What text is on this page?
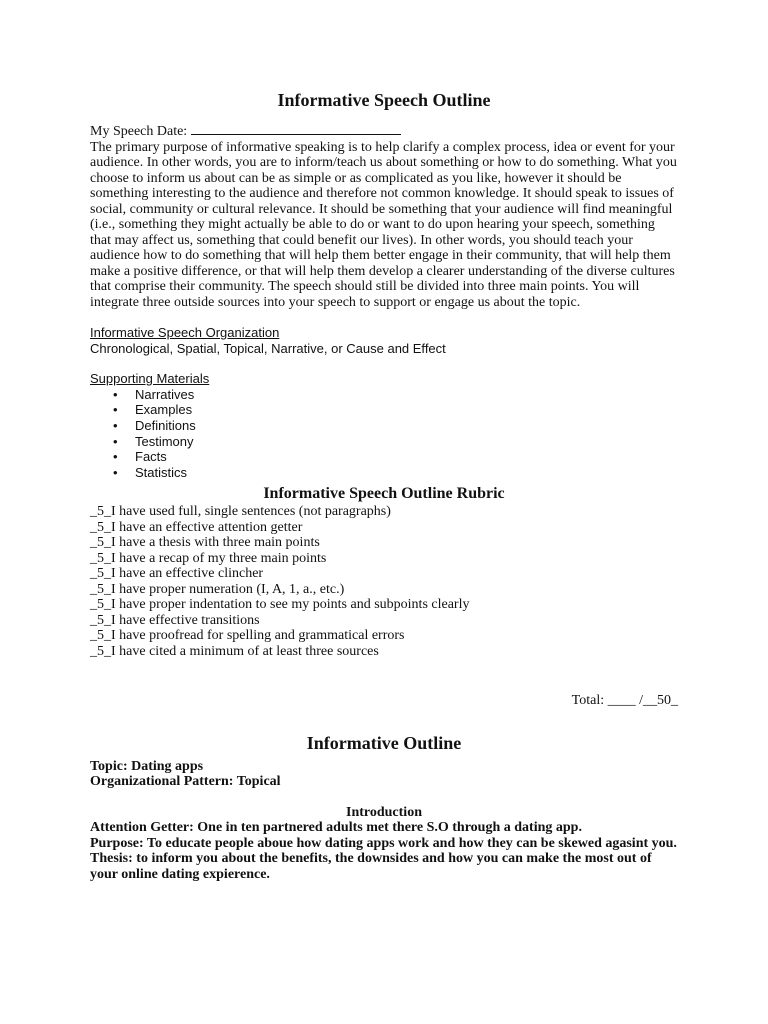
Informative Speech Outline

My Speech Date:

The primary purpose of informative speaking is to help clarify a complex process, idea or event for your audience. In other words, you are to inform/teach us about something or how to do something. What you choose to inform us about can be as simple or as complicated as you like, however it should be something interesting to the audience and therefore not common knowledge. It should speak to issues of social, community or cultural relevance. It should be something that your audience will find meaningful (i.e., something they might actually be able to do or want to do upon hearing your speech, something that may affect us, something that could benefit our lives). In other words, you should teach your audience how to do something that will help them better engage in their community, that will help them make a positive difference, or that will help them develop a clearer understanding of the diverse cultures that comprise their community. The speech should still be divided into three main points. You will integrate three outside sources into your speech to support or engage us about the topic.

Informative Speech Organization
Chronological, Spatial, Topical, Narrative, or Cause and Effect
Supporting Materials
• Narratives
• Examples
• Definitions
• Testimony
• Facts
• Statistics
Informative Speech Outline Rubric

_5_I have used full, single sentences (not paragraphs)

_5_I have an effective attention getter

_5_I have a thesis with three main points

_5_I have a recap of my three main points

_5_I have an effective clincher

_5_I have proper numeration (I, A, 1, a., etc.)

_5_I have proper indentation to see my points and subpoints clearly

_5_I have effective transitions

_5_I have proofread for spelling and grammatical errors

_5_I have cited a minimum of at least three sources

Total: ____ /__50_

Informative Outline

Topic: Dating apps

Organizational Pattern: Topical

Introduction

Attention Getter: One in ten partnered adults met there S.O through a dating app.

Purpose: To educate people aboue how dating apps work and how they can be skewed agasint you.

Thesis: to inform you about the benefits, the downsides and how you can make the most out of your online dating expierence.
